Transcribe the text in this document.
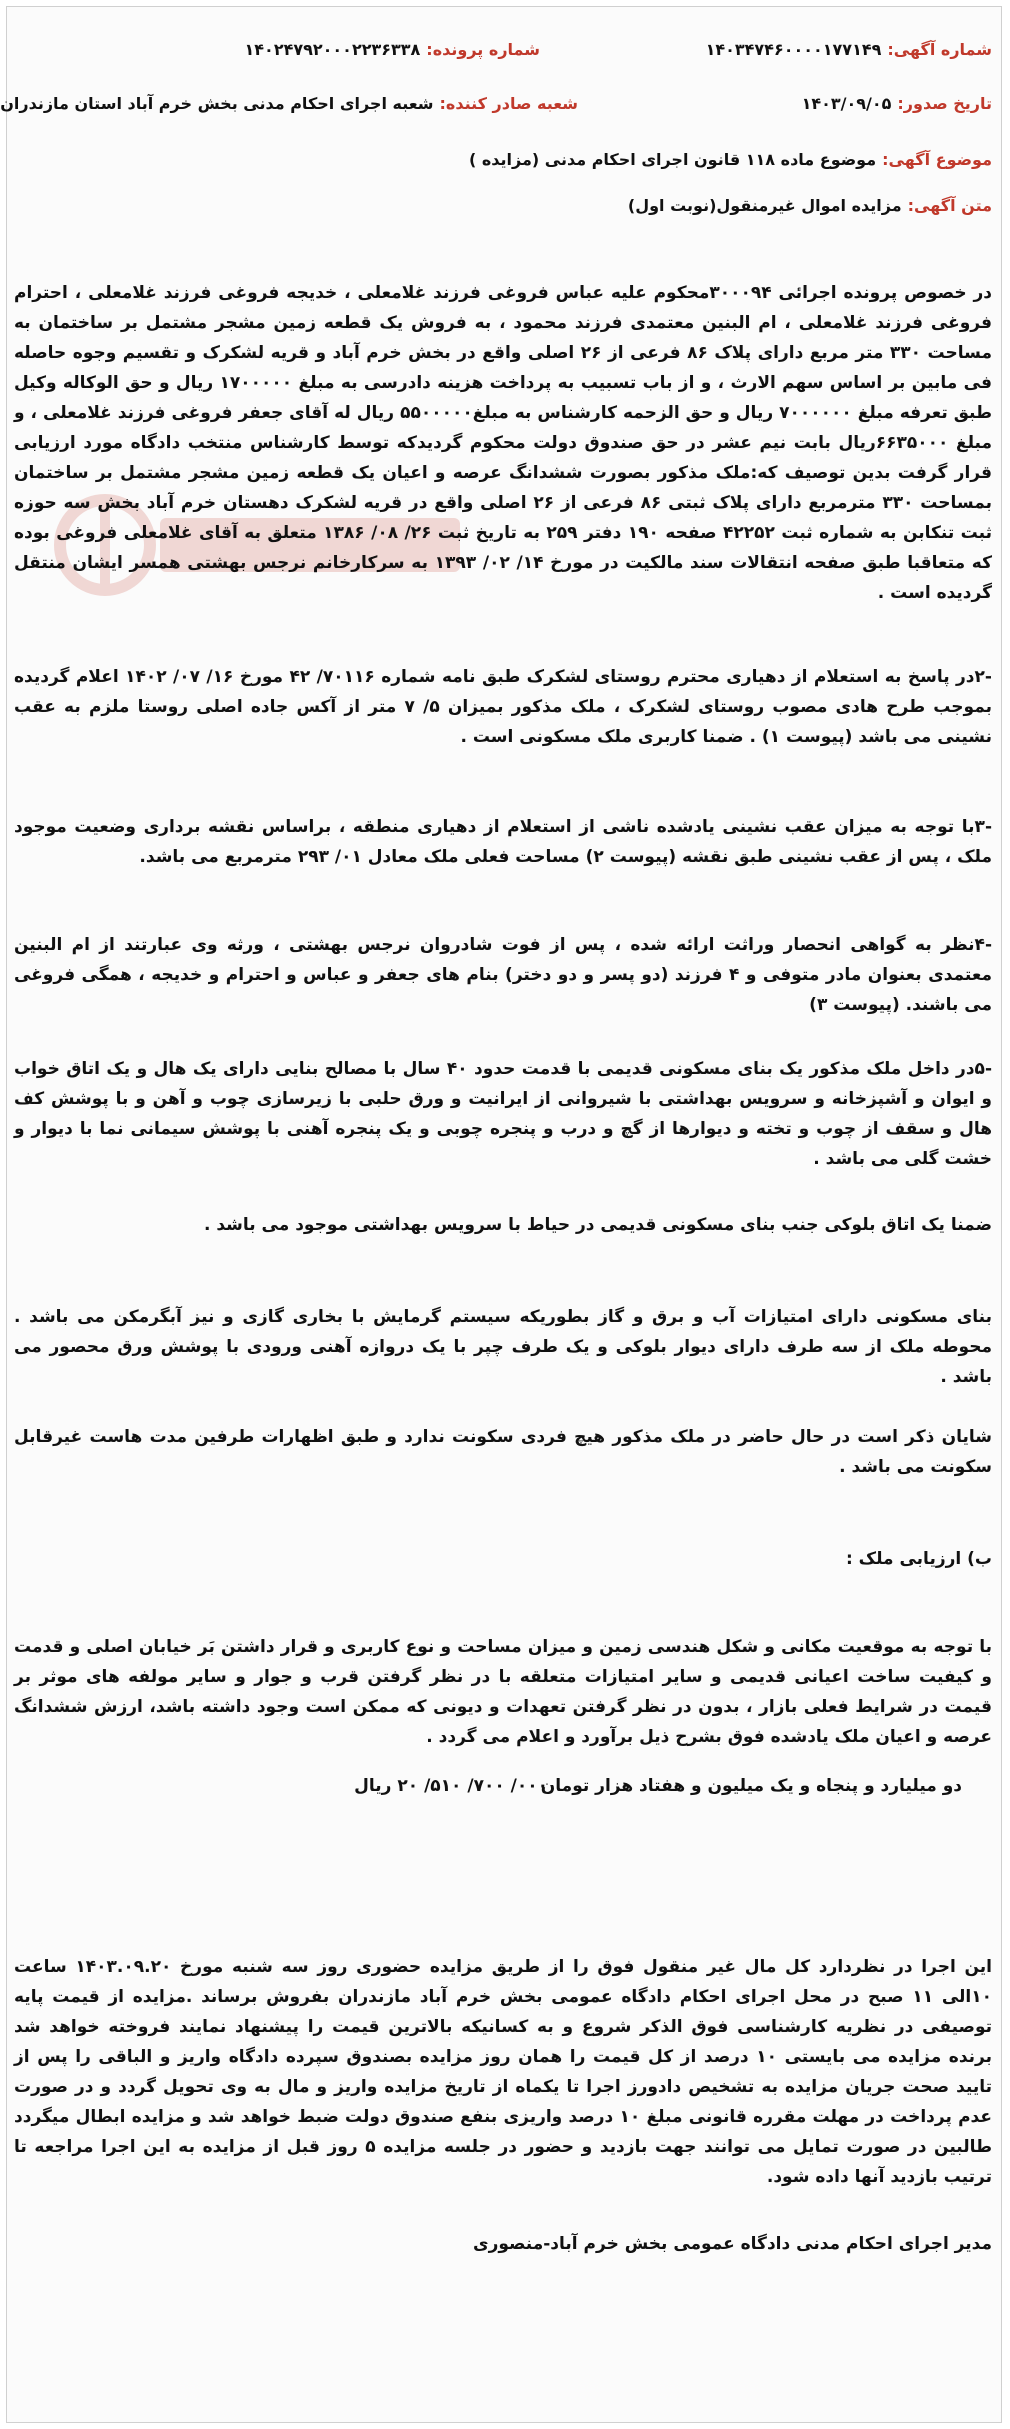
شماره آگهی:۱۴۰۳۴۷۴۶۰۰۰۰۱۷۷۱۴۹
شماره پرونده:۱۴۰۲۴۷۹۲۰۰۰۲۲۳۶۳۳۸
تاریخ صدور:۱۴۰۳/۰۹/۰۵
شعبه صادر کننده:شعبه اجرای احکام مدنی بخش خرم آباد استان مازندران
موضوع آگهی:موضوع ماده ۱۱۸ قانون اجرای احکام مدنی (مزایده )
متن آگهی:مزایده اموال غیرمنقول(نوبت اول)
در خصوص پرونده اجرائی ۳۰۰۰۹۴محکوم علیه عباس فروغی فرزند غلامعلی ، خدیجه فروغی فرزند غلامعلی ، احترام فروغی فرزند غلامعلی ، ام البنین معتمدی فرزند محمود ، به فروش یک قطعه زمین مشجر مشتمل بر ساختمان به مساحت ۳۳۰ متر مربع دارای پلاک ۸۶ فرعی از ۲۶ اصلی واقع در بخش خرم آباد و قریه لشکرک و تقسیم وجوه حاصله فی مابین بر اساس سهم الارث ، و از باب تسبیب به پرداخت هزینه دادرسی به مبلغ ۱۷۰۰۰۰۰ ریال و حق الوکاله وکیل طبق تعرفه مبلغ ۷۰۰۰۰۰۰ ریال و حق الزحمه کارشناس به مبلغ۵۵۰۰۰۰۰ ریال له آقای جعفر فروغی فرزند غلامعلی ، و مبلغ ۶۶۳۵۰۰۰ریال بابت نیم عشر در حق صندوق دولت محکوم گردیدکه توسط کارشناس منتخب دادگاه مورد ارزیابی قرار گرفت بدین توصیف که:ملک مذکور بصورت ششدانگ عرصه و اعیان یک قطعه زمین مشجر مشتمل بر ساختمان بمساحت ۳۳۰ مترمربع دارای پلاک ثبتی ۸۶ فرعی از ۲۶ اصلی واقع در قریه لشکرک دهستان خرم آباد بخش سه حوزه ثبت تنکابن به شماره ثبت ۴۲۲۵۲ صفحه ۱۹۰ دفتر ۲۵۹ به تاریخ ثبت ۲۶/ ۰۸/ ۱۳۸۶ متعلق به آقای غلامعلی فروغی بوده که متعاقبا طبق صفحه انتقالات سند مالکیت در مورخ ۱۴/ ۰۲/ ۱۳۹۳ به سرکارخانم نرجس بهشتی همسر ایشان منتقل گردیده است .
-۲در پاسخ به استعلام از دهیاری محترم روستای لشکرک طبق نامه شماره ۷۰۱۱۶/ ۴۲ مورخ ۱۶/ ۰۷/ ۱۴۰۲ اعلام گردیده بموجب طرح هادی مصوب روستای لشکرک ، ملک مذکور بمیزان ۵/ ۷ متر از آکس جاده اصلی روستا ملزم به عقب نشینی می باشد (پیوست ۱) . ضمنا کاربری ملک مسکونی است .
-۳با توجه به میزان عقب نشینی یادشده ناشی از استعلام از دهیاری منطقه ، براساس نقشه برداری وضعیت موجود ملک ، پس از عقب نشینی طبق نقشه (پیوست ۲) مساحت فعلی ملک معادل ۰۱/ ۲۹۳ مترمربع می باشد.
-۴نظر به گواهی انحصار وراثت ارائه شده ، پس از فوت شادروان نرجس بهشتی ، ورثه وی عبارتند از ام البنین معتمدی بعنوان مادر متوفی و ۴ فرزند (دو پسر و دو دختر) بنام های جعفر و عباس و احترام و خدیجه ، همگی فروغی می باشند. (پیوست ۳)
-۵در داخل ملک مذکور یک بنای مسکونی قدیمی با قدمت حدود ۴۰ سال با مصالح بنایی دارای یک هال و یک اتاق خواب و ایوان و آشپزخانه و سرویس بهداشتی با شیروانی از ایرانیت و ورق حلبی با زیرسازی چوب و آهن و با پوشش کف هال و سقف از چوب و تخته و دیوارها از گچ و درب و پنجره چوبی و یک پنجره آهنی با پوشش سیمانی نما با دیوار و خشت گلی می باشد .
ضمنا یک اتاق بلوکی جنب بنای مسکونی قدیمی در حیاط با سرویس بهداشتی موجود می باشد .
بنای مسکونی دارای امتیازات آب و برق و گاز بطوریکه سیستم گرمایش با بخاری گازی و نیز آبگرمکن می باشد . محوطه ملک از سه طرف دارای دیوار بلوکی و یک طرف چپر با یک دروازه آهنی ورودی با پوشش ورق محصور می باشد .
شایان ذکر است در حال حاضر در ملک مذکور هیچ فردی سکونت ندارد و طبق اظهارات طرفین مدت هاست غیرقابل سکونت می باشد .
ب) ارزیابی ملک :
با توجه به موقعیت مکانی و شکل هندسی زمین و میزان مساحت و نوع کاربری و قرار داشتن بَر خیابان اصلی و قدمت و کیفیت ساخت اعیانی قدیمی و سایر امتیازات متعلقه با در نظر گرفتن قرب و جوار و سایر مولفه های موثر بر قیمت در شرایط فعلی بازار ، بدون در نظر گرفتن تعهدات و دیونی که ممکن است وجود داشته باشد، ارزش ششدانگ عرصه و اعیان ملک یادشده فوق بشرح ذیل برآورد و اعلام می گردد .
دو میلیارد و پنجاه و یک میلیون و هفتاد هزار تومان
۰۰۰/ ۷۰۰/ ۵۱۰/ ۲۰ ریال
این اجرا در نظردارد کل مال غیر منقول فوق را از طریق مزایده حضوری روز سه شنبه مورخ ۱۴۰۳.۰۹.۲۰ ساعت ۱۰الی ۱۱ صبح در محل اجرای احکام دادگاه عمومی بخش خرم آباد مازندران بفروش برساند .مزایده از قیمت پایه توصیفی در نظریه کارشناسی فوق الذکر شروع و به کسانیکه بالاترین قیمت را پیشنهاد نمایند فروخته خواهد شد برنده مزایده می بایستی ۱۰ درصد از کل قیمت را همان روز مزایده بصندوق سپرده دادگاه واریز و الباقی را پس از تایید صحت جریان مزایده به تشخیص دادورز اجرا تا یکماه از تاریخ مزایده واریز و مال به وی تحویل گردد و در صورت عدم پرداخت در مهلت مقرره قانونی مبلغ ۱۰ درصد واریزی بنفع صندوق دولت ضبط خواهد شد و مزایده ابطال میگردد طالبین در صورت تمایل می توانند جهت بازدید و حضور در جلسه مزایده ۵ روز قبل از مزایده به این اجرا مراجعه تا ترتیب بازدید آنها داده شود.
مدیر اجرای احکام مدنی دادگاه عمومی بخش خرم آباد-منصوری
